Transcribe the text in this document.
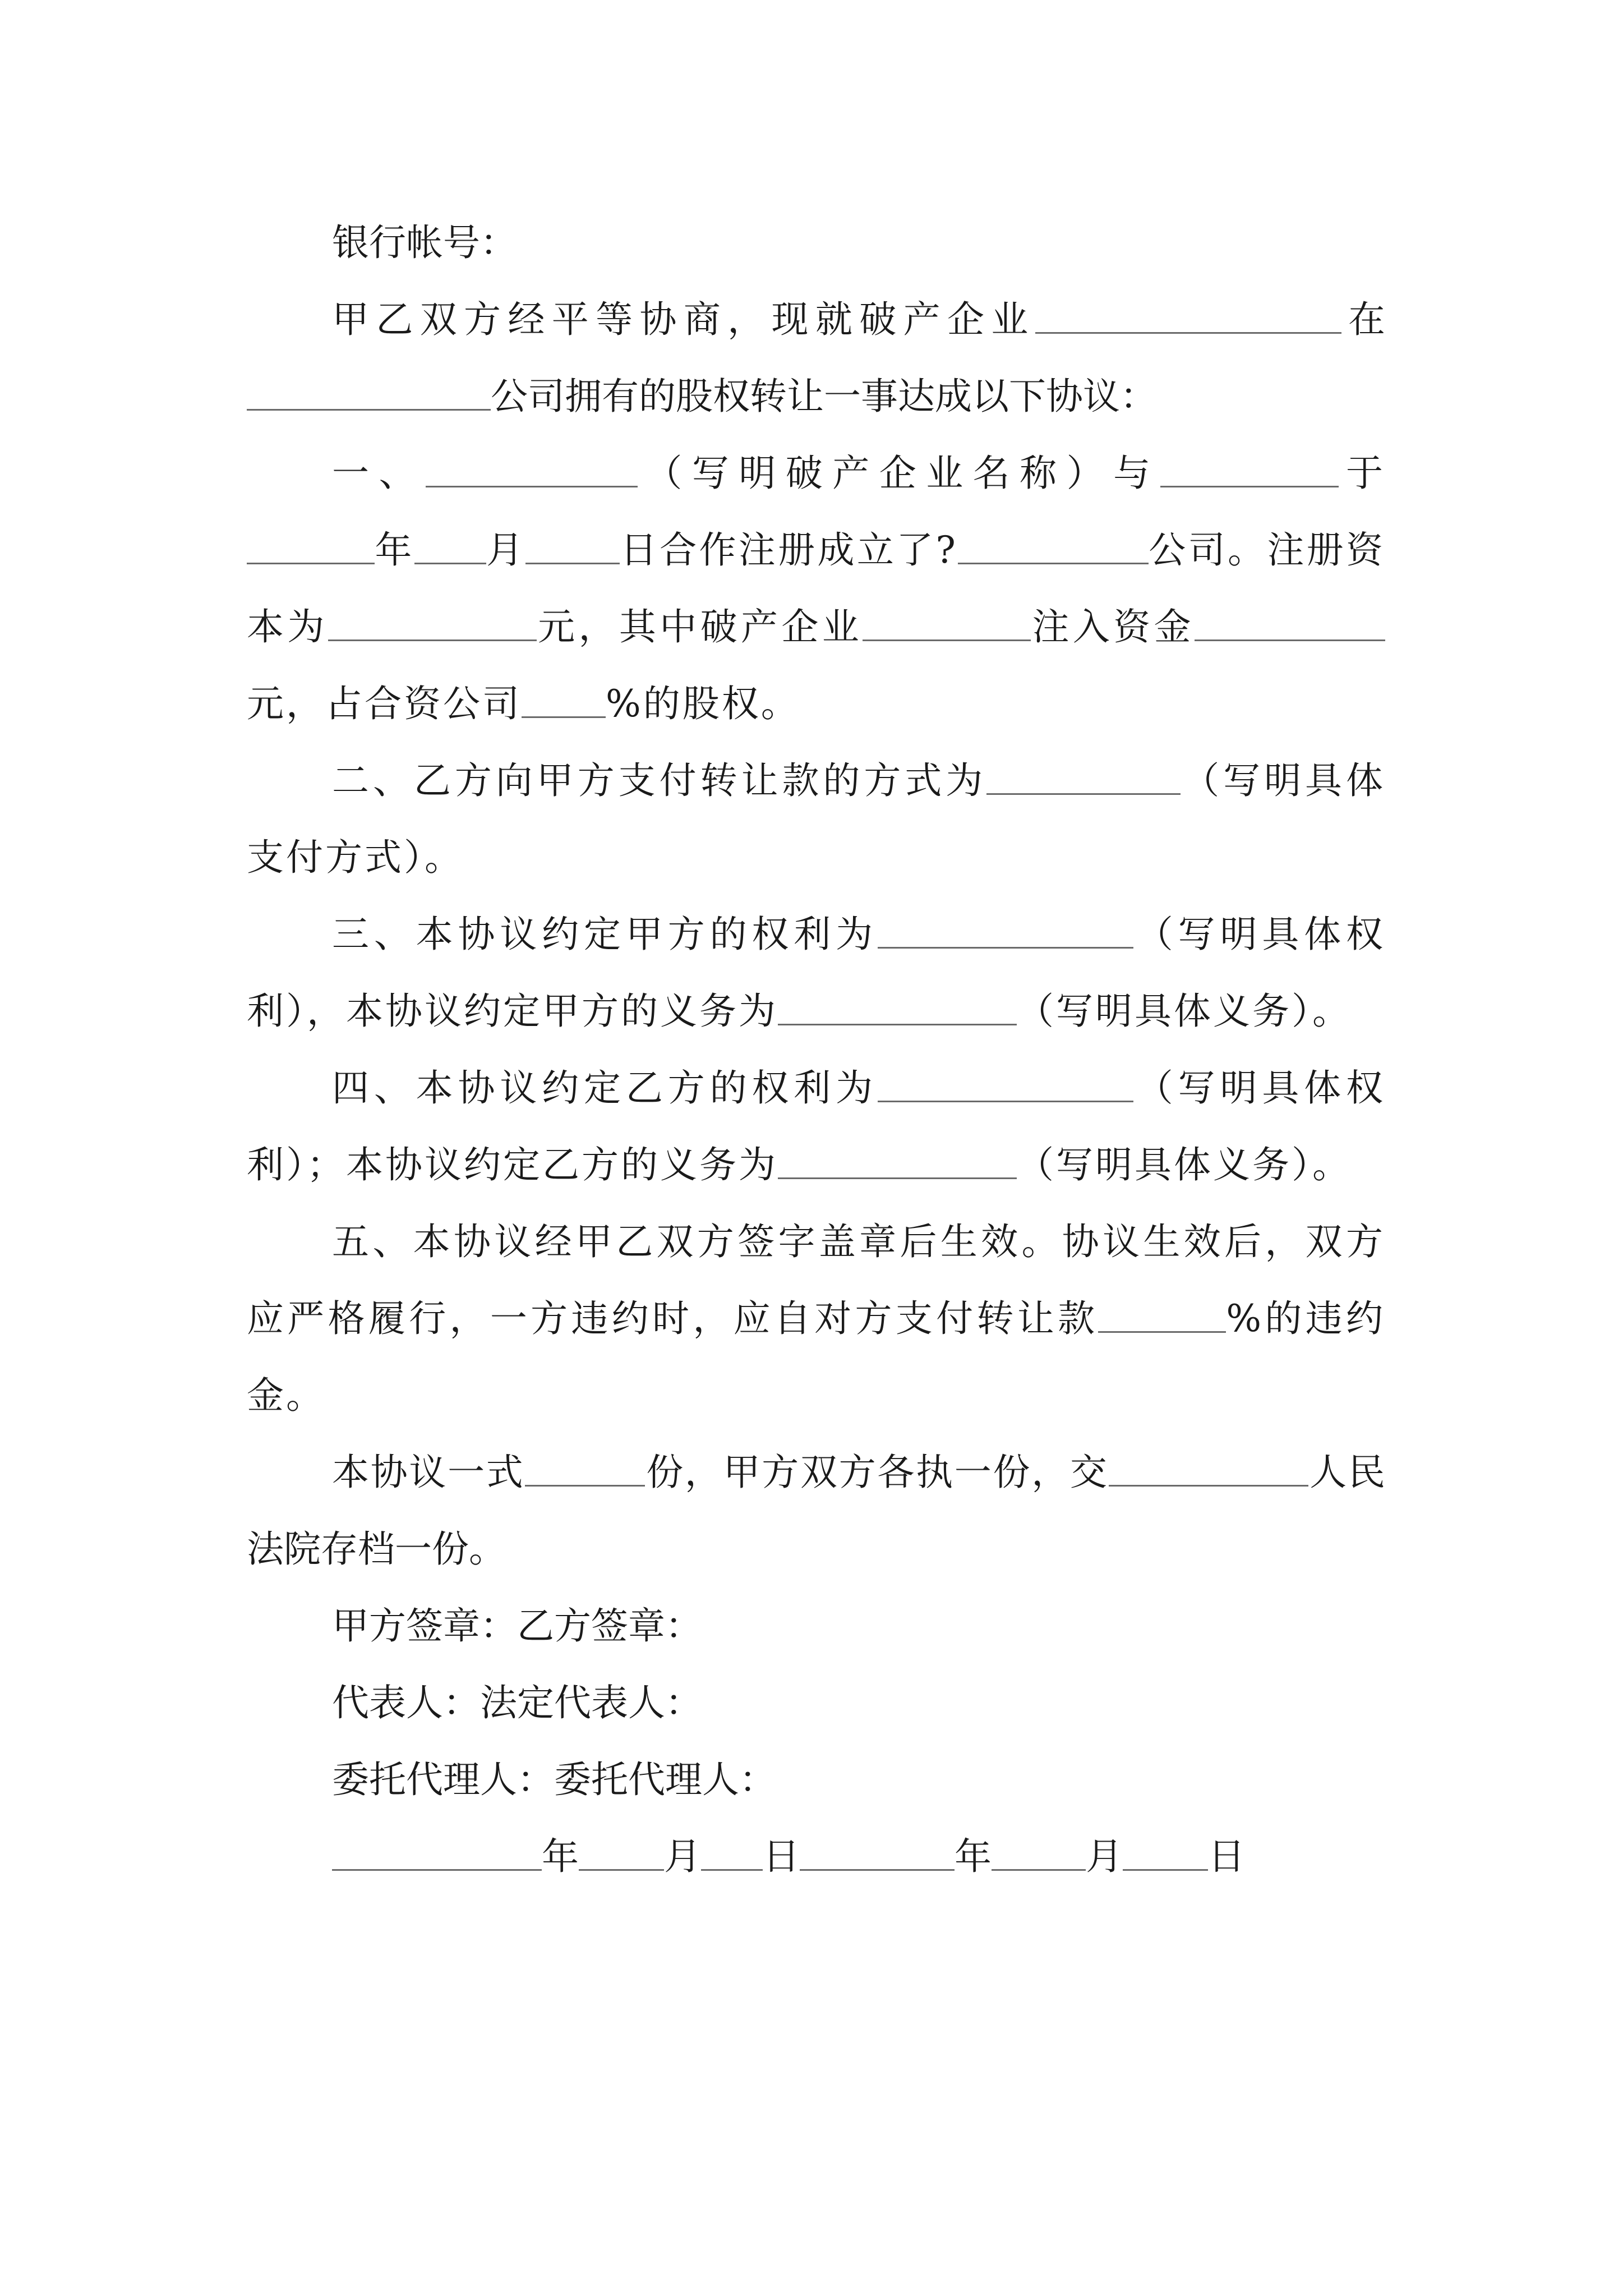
银行帐号：

甲乙双方经平等协商，现就破产企业	在公司拥有的股权转让一事达成以下协议：

一、	（写明破产企业名称）与	于年 月	日合作注册成立了?	公司。注册资本为	元，其中破产企业	注入资金元，占合资公司 %的股权。

二、乙方向甲方支付转让款的方式为	（写明具体支付方式）。

三、本协议约定甲方的权利为	（写明具体权利），本协议约定甲方的义务为	（写明具体义务）。

四、本协议约定乙方的权利为	（写明具体权利）；本协议约定乙方的义务为	（写明具体义务）。

五、本协议经甲乙双方签字盖章后生效。协议生效后，双方应严格履行，一方违约时，应自对方支付转让款	%的违约金。

本协议一式	份，甲方双方各执一份，交	人民法院存档一份。

甲方签章：乙方签章：

代表人：法定代表人：

委托代理人：委托代理人：

年 月 日	年	月 日
